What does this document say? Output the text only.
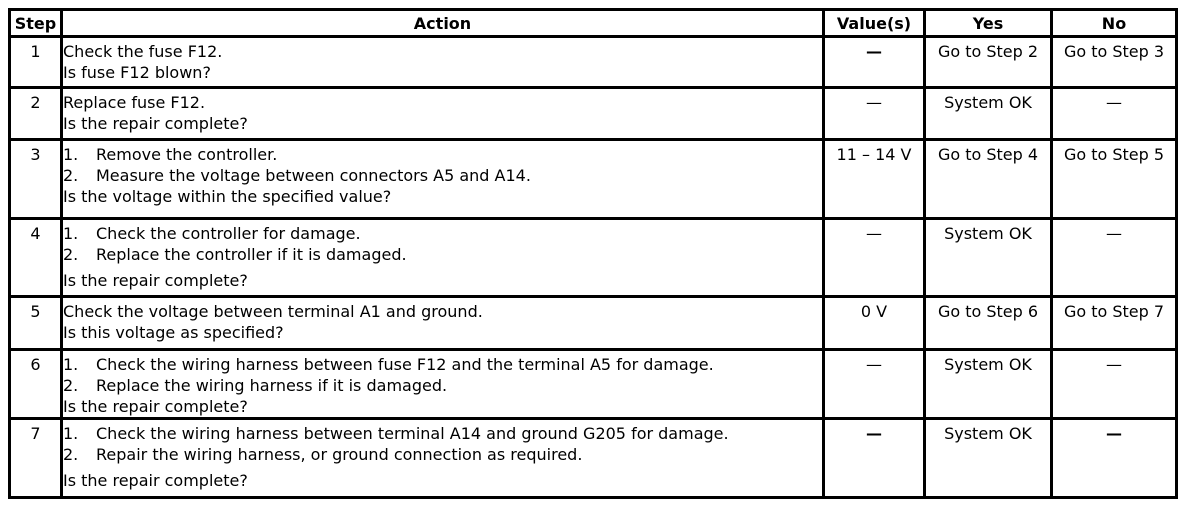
Step	Action	Value(s)	Yes	No
1	Check the fuse F12.
Is fuse F12 blown?	—	Go to Step 2	Go to Step 3
2	Replace fuse F12.
Is the repair complete?	—	System OK	—
3	1. Remove the controller.
2. Measure the voltage between connectors A5 and A14.
Is the voltage within the specified value?	11 – 14 V	Go to Step 4	Go to Step 5
4	1. Check the controller for damage.
2. Replace the controller if it is damaged.
Is the repair complete?	—	System OK	—
5	Check the voltage between terminal A1 and ground.
Is this voltage as specified?	0 V	Go to Step 6	Go to Step 7
6	1. Check the wiring harness between fuse F12 and the terminal A5 for damage.
2. Replace the wiring harness if it is damaged.
Is the repair complete?	—	System OK	—
7	1. Check the wiring harness between terminal A14 and ground G205 for damage.
2. Repair the wiring harness, or ground connection as required.
Is the repair complete?	—	System OK	—
